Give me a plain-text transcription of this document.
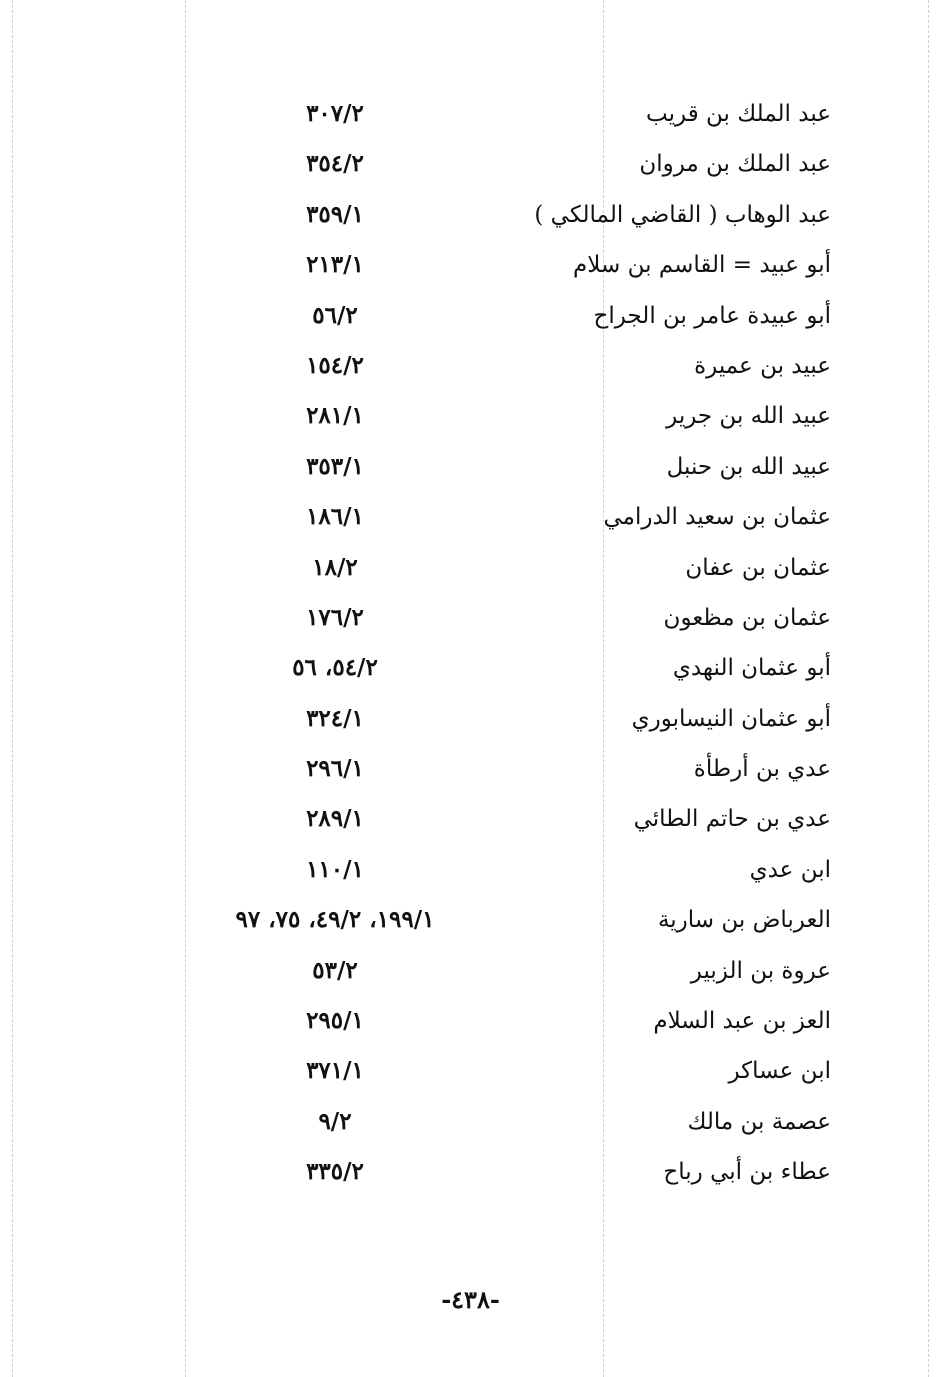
عبد الملك بن قريب
٣٠٧/٢
عبد الملك بن مروان
٣٥٤/٢
عبد الوهاب ( القاضي المالكي )
٣٥٩/١
أبو عبيد = القاسم بن سلام
٢١٣/١
أبو عبيدة عامر بن الجراح
٥٦/٢
عبيد بن عميرة
١٥٤/٢
عبيد الله بن جرير
٢٨١/١
عبيد الله بن حنبل
٣٥٣/١
عثمان بن سعيد الدرامي
١٨٦/١
عثمان بن عفان
١٨/٢
عثمان بن مظعون
١٧٦/٢
أبو عثمان النهدي
٥٤/٢، ٥٦
أبو عثمان النيسابوري
٣٢٤/١
عدي بن أرطأة
٢٩٦/١
عدي بن حاتم الطائي
٢٨٩/١
ابن عدي
١١٠/١
العرباض بن سارية
١٩٩/١، ٤٩/٢، ٧٥، ٩٧
عروة بن الزبير
٥٣/٢
العز بن عبد السلام
٢٩٥/١
ابن عساكر
٣٧١/١
عصمة بن مالك
٩/٢
عطاء بن أبي رباح
٣٣٥/٢
-٤٣٨-
